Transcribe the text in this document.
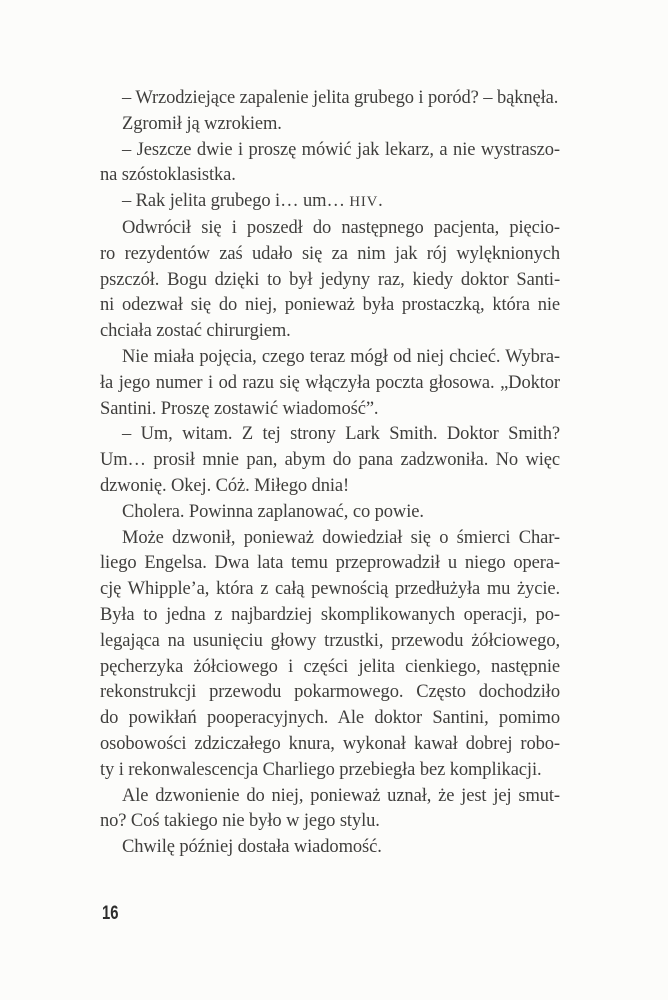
– Wrzodziejące zapalenie jelita grubego i poród? – bąknęła.
Zgromił ją wzrokiem.
– Jeszcze dwie i proszę mówić jak lekarz, a nie wystraszo-
na szóstoklasistka.
– Rak jelita grubego i… um… HIV.
Odwrócił się i poszedł do następnego pacjenta, pięcio-
ro rezydentów zaś udało się za nim jak rój wylęknionych
pszczół. Bogu dzięki to był jedyny raz, kiedy doktor Santi-
ni odezwał się do niej, ponieważ była prostaczką, która nie
chciała zostać chirurgiem.
Nie miała pojęcia, czego teraz mógł od niej chcieć. Wybra-
ła jego numer i od razu się włączyła poczta głosowa. „Doktor
Santini. Proszę zostawić wiadomość”.
– Um, witam. Z tej strony Lark Smith. Doktor Smith?
Um… prosił mnie pan, abym do pana zadzwoniła. No więc
dzwonię. Okej. Cóż. Miłego dnia!
Cholera. Powinna zaplanować, co powie.
Może dzwonił, ponieważ dowiedział się o śmierci Char-
liego Engelsa. Dwa lata temu przeprowadził u niego opera-
cję Whipple’a, która z całą pewnością przedłużyła mu życie.
Była to jedna z najbardziej skomplikowanych operacji, po-
legająca na usunięciu głowy trzustki, przewodu żółciowego,
pęcherzyka żółciowego i części jelita cienkiego, następnie
rekonstrukcji przewodu pokarmowego. Często dochodziło
do powikłań pooperacyjnych. Ale doktor Santini, pomimo
osobowości zdziczałego knura, wykonał kawał dobrej robo-
ty i rekonwalescencja Charliego przebiegła bez komplikacji.
Ale dzwonienie do niej, ponieważ uznał, że jest jej smut-
no? Coś takiego nie było w jego stylu.
Chwilę później dostała wiadomość.
16
